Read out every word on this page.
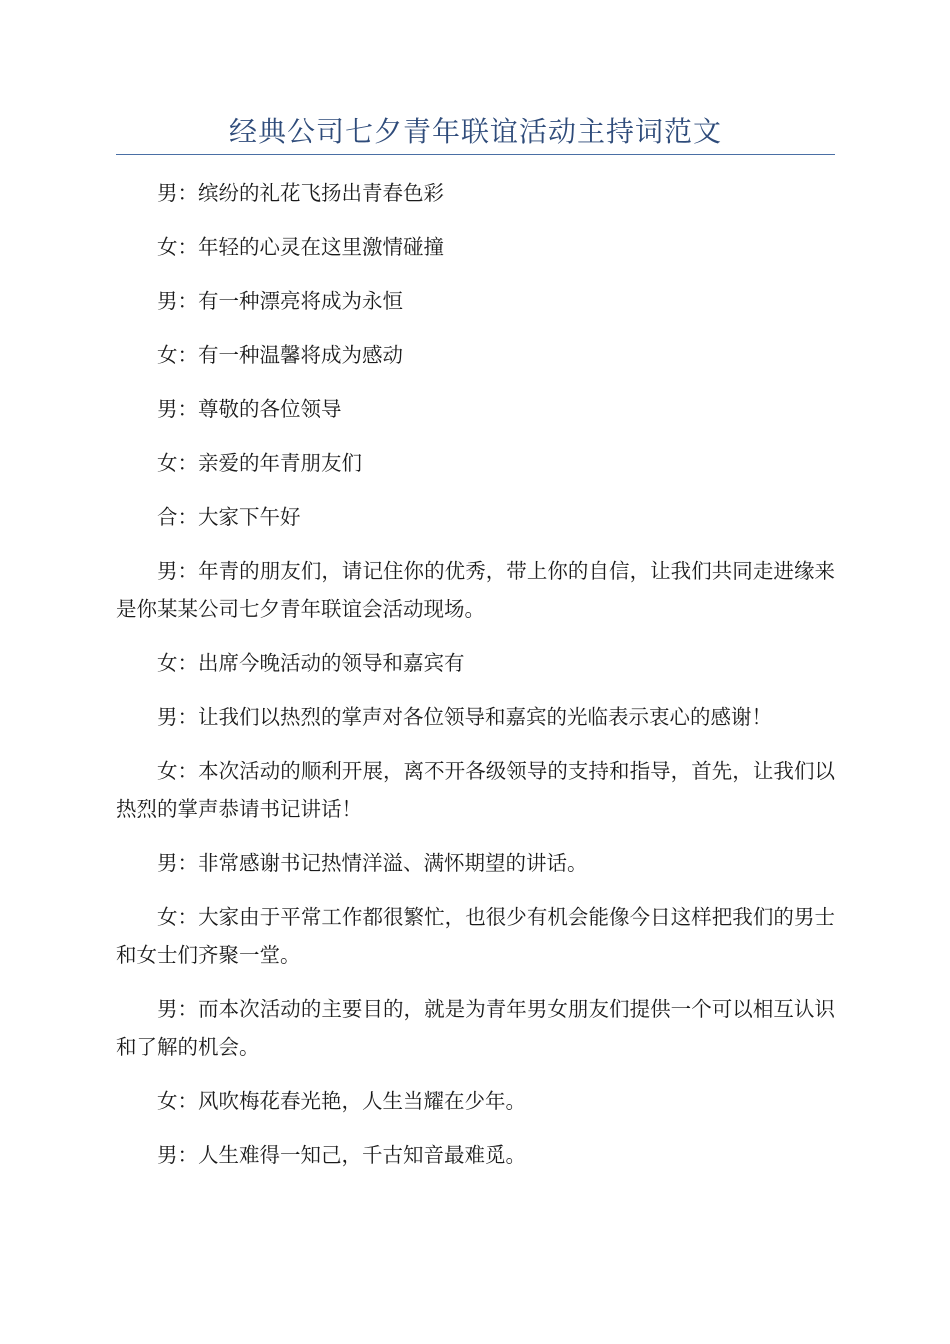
经典公司七夕青年联谊活动主持词范文

男：缤纷的礼花飞扬出青春色彩

女：年轻的心灵在这里激情碰撞

男：有一种漂亮将成为永恒

女：有一种温馨将成为感动

男：尊敬的各位领导

女：亲爱的年青朋友们

合：大家下午好

男：年青的朋友们，请记住你的优秀，带上你的自信，让我们共同走进缘来是你某某公司七夕青年联谊会活动现场。

女：出席今晚活动的领导和嘉宾有

男：让我们以热烈的掌声对各位领导和嘉宾的光临表示衷心的感谢！

女：本次活动的顺利开展，离不开各级领导的支持和指导，首先，让我们以热烈的掌声恭请书记讲话！

男：非常感谢书记热情洋溢、满怀期望的讲话。

女：大家由于平常工作都很繁忙，也很少有机会能像今日这样把我们的男士和女士们齐聚一堂。

男：而本次活动的主要目的，就是为青年男女朋友们提供一个可以相互认识和了解的机会。

女：风吹梅花春光艳，人生当耀在少年。

男：人生难得一知己，千古知音最难觅。
